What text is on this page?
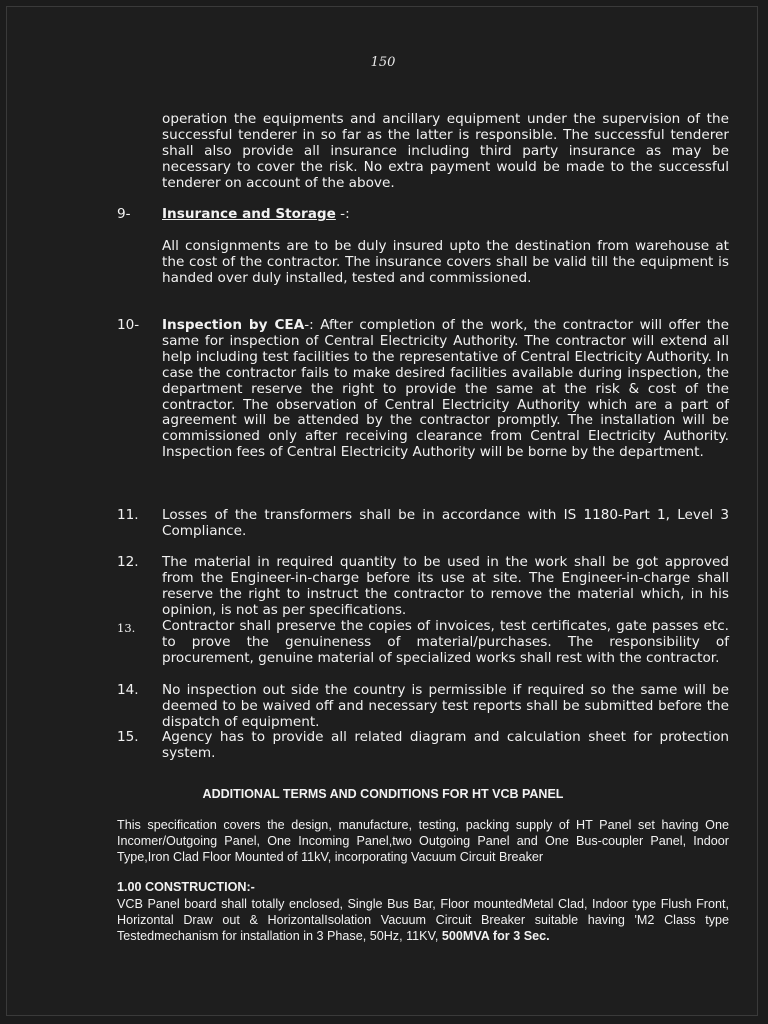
150
operation the equipments and ancillary equipment under the supervision of the successful tenderer in so far as the latter is responsible. The successful tenderer shall also provide all insurance including third party insurance as may be necessary to cover the risk. No extra payment would be made to the successful tenderer on account of the above.
9- Insurance and Storage -:
All consignments are to be duly insured upto the destination from warehouse at the cost of the contractor. The insurance covers shall be valid till the equipment is handed over duly installed, tested and commissioned.
10- Inspection by CEA-: After completion of the work, the contractor will offer the same for inspection of Central Electricity Authority. The contractor will extend all help including test facilities to the representative of Central Electricity Authority. In case the contractor fails to make desired facilities available during inspection, the department reserve the right to provide the same at the risk & cost of the contractor. The observation of Central Electricity Authority which are a part of agreement will be attended by the contractor promptly. The installation will be commissioned only after receiving clearance from Central Electricity Authority. Inspection fees of Central Electricity Authority will be borne by the department.
11. Losses of the transformers shall be in accordance with IS 1180-Part 1, Level 3 Compliance.
12. The material in required quantity to be used in the work shall be got approved from the Engineer-in-charge before its use at site. The Engineer-in-charge shall reserve the right to instruct the contractor to remove the material which, in his opinion, is not as per specifications.
13. Contractor shall preserve the copies of invoices, test certificates, gate passes etc. to prove the genuineness of material/purchases. The responsibility of procurement, genuine material of specialized works shall rest with the contractor.
14. No inspection out side the country is permissible if required so the same will be deemed to be waived off and necessary test reports shall be submitted before the dispatch of equipment.
15. Agency has to provide all related diagram and calculation sheet for protection system.
ADDITIONAL TERMS AND CONDITIONS FOR HT VCB PANEL
This specification covers the design, manufacture, testing, packing supply of HT Panel set having One Incomer/Outgoing Panel, One Incoming Panel,two Outgoing Panel and One Bus-coupler Panel, Indoor Type,Iron Clad Floor Mounted of 11kV, incorporating Vacuum Circuit Breaker
1.00 CONSTRUCTION:-
VCB Panel board shall totally enclosed, Single Bus Bar, Floor mountedMetal Clad, Indoor type Flush Front, Horizontal Draw out & HorizontalIsolation Vacuum Circuit Breaker suitable having 'M2 Class type Testedmechanism for installation in 3 Phase, 50Hz, 11KV, 500MVA for 3 Sec.
